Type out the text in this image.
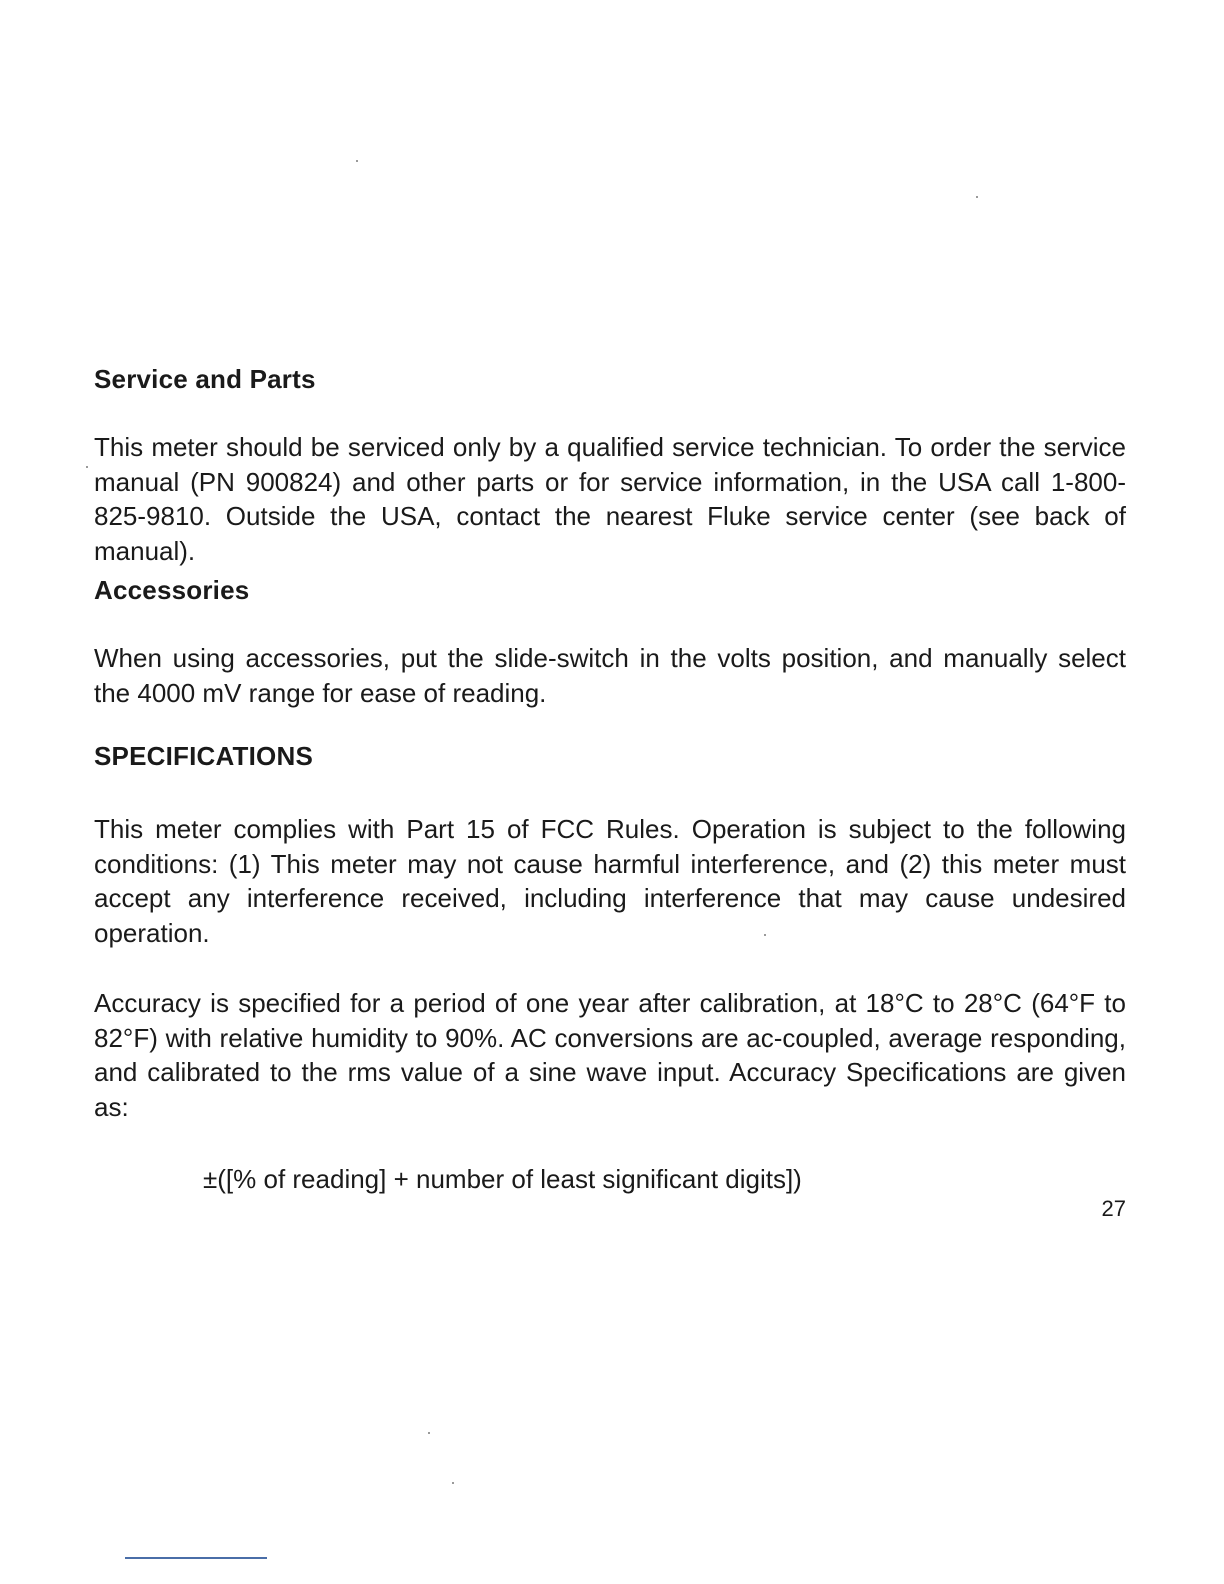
Service and Parts

This meter should be serviced only by a qualified service technician. To order the service manual (PN 900824) and other parts or for service information, in the USA call 1-800-825-9810. Outside the USA, contact the nearest Fluke service center (see back of manual).

Accessories

When using accessories, put the slide-switch in the volts position, and manually select the 4000 mV range for ease of reading.

SPECIFICATIONS

This meter complies with Part 15 of FCC Rules. Operation is subject to the following conditions: (1) This meter may not cause harmful interference, and (2) this meter must accept any interference received, including interference that may cause undesired operation.

Accuracy is specified for a period of one year after calibration, at 18°C to 28°C (64°F to 82°F) with relative humidity to 90%. AC conversions are ac-coupled, average responding, and calibrated to the rms value of a sine wave input. Accuracy Specifications are given as:

±([% of reading] + number of least significant digits])

27
